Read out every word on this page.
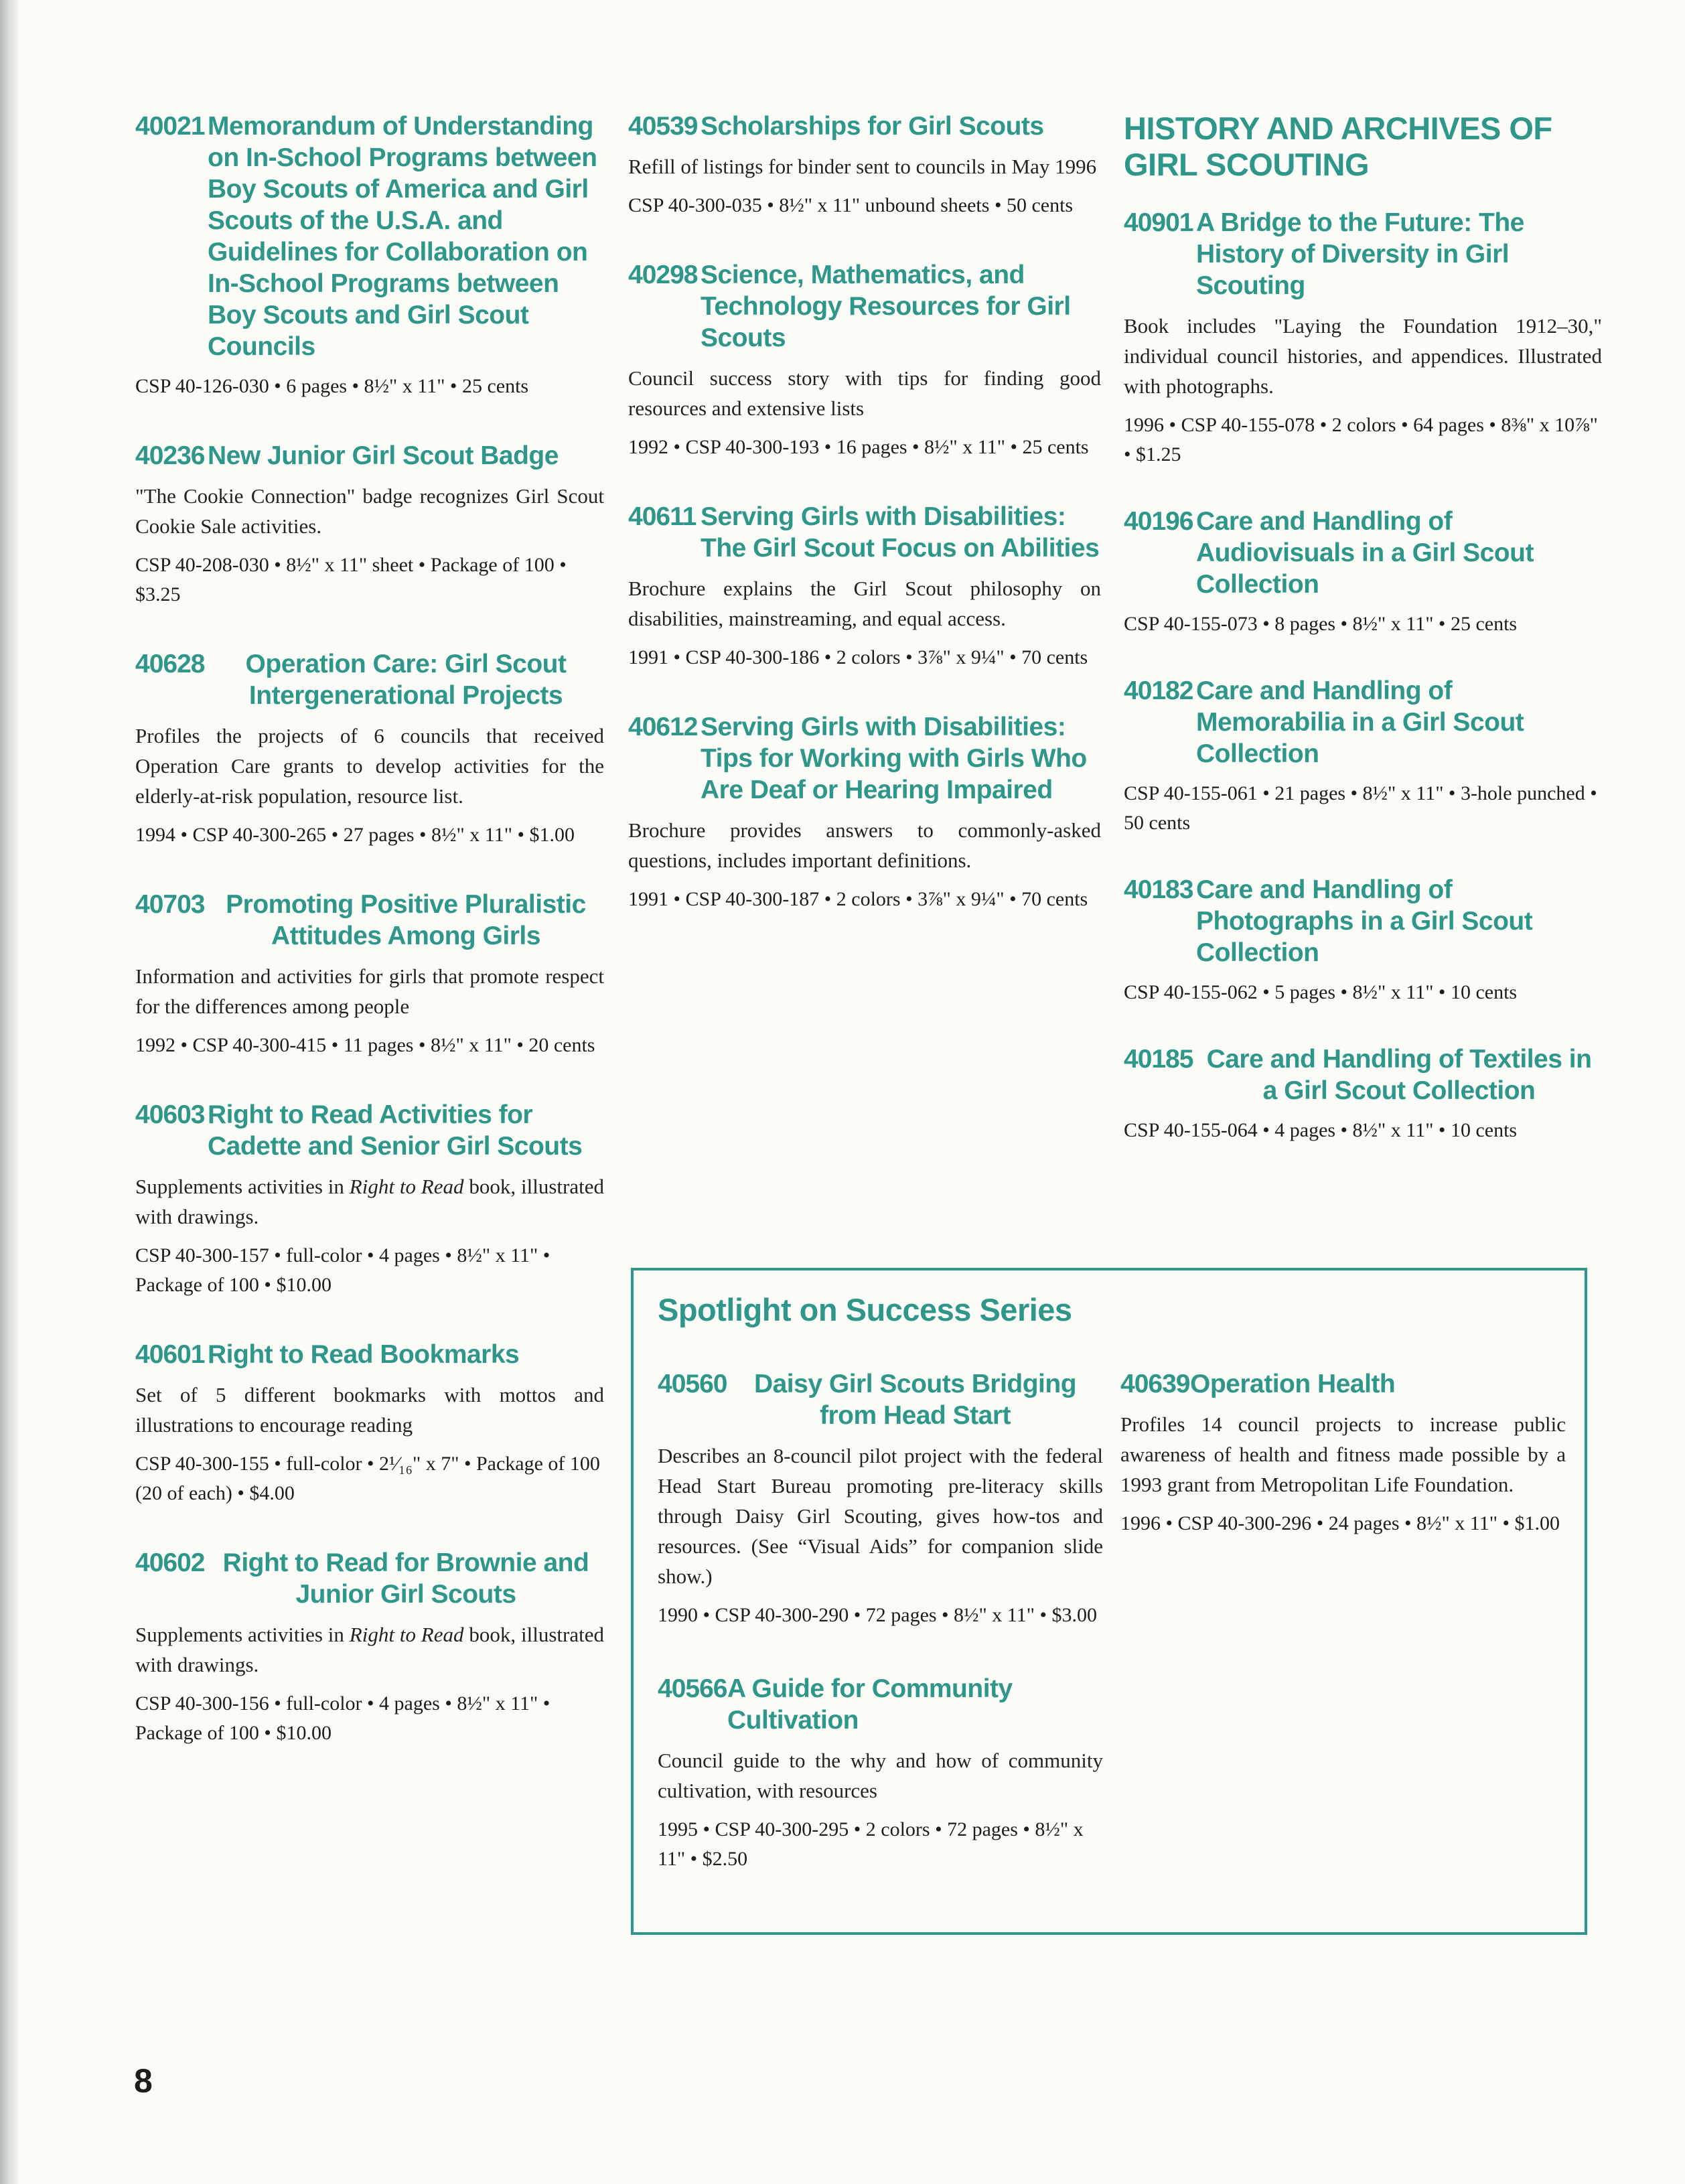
40021 Memorandum of Understanding on In-School Programs between Boy Scouts of America and Girl Scouts of the U.S.A. and Guidelines for Collaboration on In-School Programs between Boy Scouts and Girl Scout Councils

CSP 40-126-030 • 6 pages • 8½" x 11" • 25 cents

40236 New Junior Girl Scout Badge

"The Cookie Connection" badge recognizes Girl Scout Cookie Sale activities.

CSP 40-208-030 • 8½" x 11" sheet • Package of 100 • $3.25

40628	Operation Care: Girl Scout Intergenerational Projects

Profiles the projects of 6 councils that received Operation Care grants to develop activities for the elderly-at-risk population, resource list.

1994 • CSP 40-300-265 • 27 pages • 8½" x 11" • $1.00

40703 Promoting Positive Pluralistic Attitudes Among Girls

Information and activities for girls that promote respect for the differences among people

1992 • CSP 40-300-415 • 11 pages • 8½" x 11" • 20 cents

40603 Right to Read Activities for Cadette and Senior Girl Scouts

Supplements activities in Right to Read book, illustrated with drawings.

CSP 40-300-157 • full-color • 4 pages • 8½" x 11" • Package of 100 • $10.00

40601 Right to Read Bookmarks

Set of 5 different bookmarks with mottos and illustrations to encourage reading

CSP 40-300-155 • full-color • 2¹⁄₁₆" x 7" • Package of 100 (20 of each) • $4.00

40602 Right to Read for Brownie and Junior Girl Scouts

Supplements activities in Right to Read book, illustrated with drawings.

CSP 40-300-156 • full-color • 4 pages • 8½" x 11" • Package of 100 • $10.00

40539 Scholarships for Girl Scouts

Refill of listings for binder sent to councils in May 1996

CSP 40-300-035 • 8½" x 11" unbound sheets • 50 cents

40298 Science, Mathematics, and Technology Resources for Girl Scouts

Council success story with tips for finding good resources and extensive lists

1992 • CSP 40-300-193 • 16 pages • 8½" x 11" • 25 cents

40611 Serving Girls with Disabilities: The Girl Scout Focus on Abilities

Brochure explains the Girl Scout philosophy on disabilities, mainstreaming, and equal access.

1991 • CSP 40-300-186 • 2 colors • 3⅞" x 9¼" • 70 cents

40612 Serving Girls with Disabilities: Tips for Working with Girls Who Are Deaf or Hearing Impaired

Brochure provides answers to commonly-asked questions, includes important definitions.

1991 • CSP 40-300-187 • 2 colors • 3⅞" x 9¼" • 70 cents

HISTORY AND ARCHIVES OF GIRL SCOUTING
40901 A Bridge to the Future: The History of Diversity in Girl Scouting

Book includes "Laying the Foundation 1912–30," individual council histories, and appendices. Illustrated with photographs.

1996 • CSP 40-155-078 • 2 colors • 64 pages • 8⅜" x 10⅞" • $1.25

40196 Care and Handling of Audiovisuals in a Girl Scout Collection

CSP 40-155-073 • 8 pages • 8½" x 11" • 25 cents

40182 Care and Handling of Memorabilia in a Girl Scout Collection

CSP 40-155-061 • 21 pages • 8½" x 11" • 3-hole punched • 50 cents

40183 Care and Handling of Photographs in a Girl Scout Collection

CSP 40-155-062 • 5 pages • 8½" x 11" • 10 cents

40185 Care and Handling of Textiles in a Girl Scout Collection

CSP 40-155-064 • 4 pages • 8½" x 11" • 10 cents

Spotlight on Success Series
40560	Daisy Girl Scouts Bridging from Head Start

Describes an 8-council pilot project with the federal Head Start Bureau promoting pre-literacy skills through Daisy Girl Scouting, gives how-tos and resources. (See “Visual Aids” for companion slide show.)

1990 • CSP 40-300-290 • 72 pages • 8½" x 11" • $3.00

40566 A Guide for Community Cultivation

Council guide to the why and how of community cultivation, with resources

1995 • CSP 40-300-295 • 2 colors • 72 pages • 8½" x 11" • $2.50

40639 Operation Health

Profiles 14 council projects to increase public awareness of health and fitness made possible by a 1993 grant from Metropolitan Life Foundation.

1996 • CSP 40-300-296 • 24 pages • 8½" x 11" • $1.00

8
